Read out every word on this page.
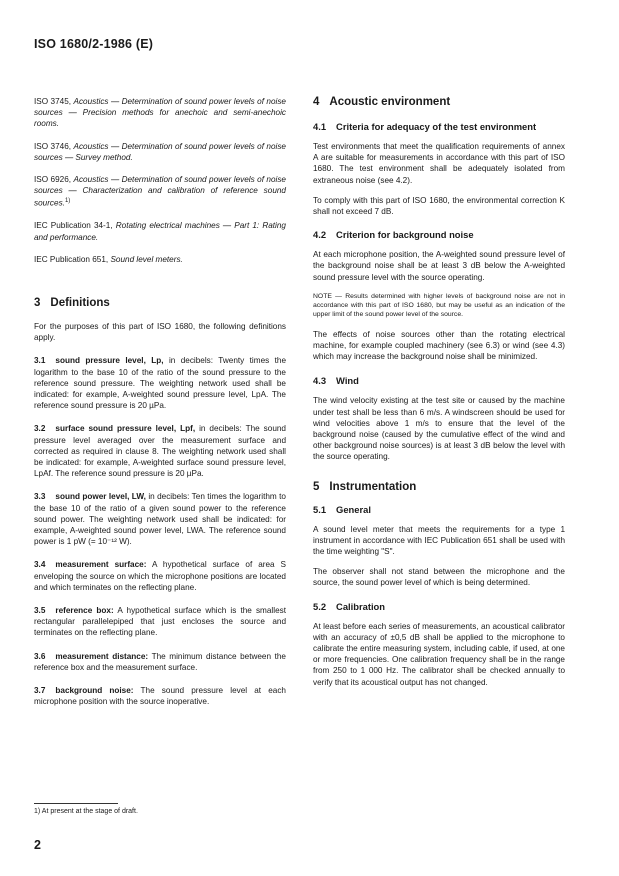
ISO 1680/2-1986 (E)

ISO 3745, Acoustics — Determination of sound power levels of noise sources — Precision methods for anechoic and semi-anechoic rooms.

ISO 3746, Acoustics — Determination of sound power levels of noise sources — Survey method.

ISO 6926, Acoustics — Determination of sound power levels of noise sources — Characterization and calibration of reference sound sources.$^{1)}$

IEC Publication 34-1, Rotating electrical machines — Part 1: Rating and performance.

IEC Publication 651, Sound level meters.

3 Definitions

For the purposes of this part of ISO 1680, the following definitions apply.

3.1 sound pressure level, Lp, in decibels: Twenty times the logarithm to the base 10 of the ratio of the sound pressure to the reference sound pressure. The weighting network used shall be indicated: for example, A-weighted sound pressure level, LpA. The reference sound pressure is 20 µPa.

3.2 surface sound pressure level, Lpf, in decibels: The sound pressure level averaged over the measurement surface and corrected as required in clause 8. The weighting network used shall be indicated: for example, A-weighted surface sound pressure level, LpAf. The reference sound pressure is 20 µPa.

3.3 sound power level, LW, in decibels: Ten times the logarithm to the base 10 of the ratio of a given sound power to the reference sound power. The weighting network used shall be indicated: for example, A-weighted sound power level, LWA. The reference sound power is 1 pW (= 10⁻¹² W).

3.4 measurement surface: A hypothetical surface of area S enveloping the source on which the microphone positions are located and which terminates on the reflecting plane.

3.5 reference box: A hypothetical surface which is the smallest rectangular parallelepiped that just encloses the source and terminates on the reflecting plane.

3.6 measurement distance: The minimum distance between the reference box and the measurement surface.

3.7 background noise: The sound pressure level at each microphone position with the source inoperative.

4 Acoustic environment

4.1 Criteria for adequacy of the test environment

Test environments that meet the qualification requirements of annex A are suitable for measurements in accordance with this part of ISO 1680. The test environment shall be adequately isolated from extraneous noise (see 4.2).

To comply with this part of ISO 1680, the environmental correction K shall not exceed 7 dB.

4.2 Criterion for background noise

At each microphone position, the A-weighted sound pressure level of the background noise shall be at least 3 dB below the A-weighted sound pressure level with the source operating.

NOTE — Results determined with higher levels of background noise are not in accordance with this part of ISO 1680, but may be useful as an indication of the upper limit of the sound power level of the source.

The effects of noise sources other than the rotating electrical machine, for example coupled machinery (see 6.3) or wind (see 4.3) which may increase the background noise shall be minimized.

4.3 Wind

The wind velocity existing at the test site or caused by the machine under test shall be less than 6 m/s. A windscreen should be used for wind velocities above 1 m/s to ensure that the level of the background noise (caused by the cumulative effect of the wind and other background noise sources) is at least 3 dB below the level with the source operating.

5 Instrumentation

5.1 General

A sound level meter that meets the requirements for a type 1 instrument in accordance with IEC Publication 651 shall be used with the time weighting "S".

The observer shall not stand between the microphone and the source, the sound power level of which is being determined.

5.2 Calibration

At least before each series of measurements, an acoustical calibrator with an accuracy of ±0,5 dB shall be applied to the microphone to calibrate the entire measuring system, including cable, if used, at one or more frequencies. One calibration frequency shall be in the range from 250 to 1 000 Hz. The calibrator shall be checked annually to verify that its acoustical output has not changed.

1) At present at the stage of draft.
2
